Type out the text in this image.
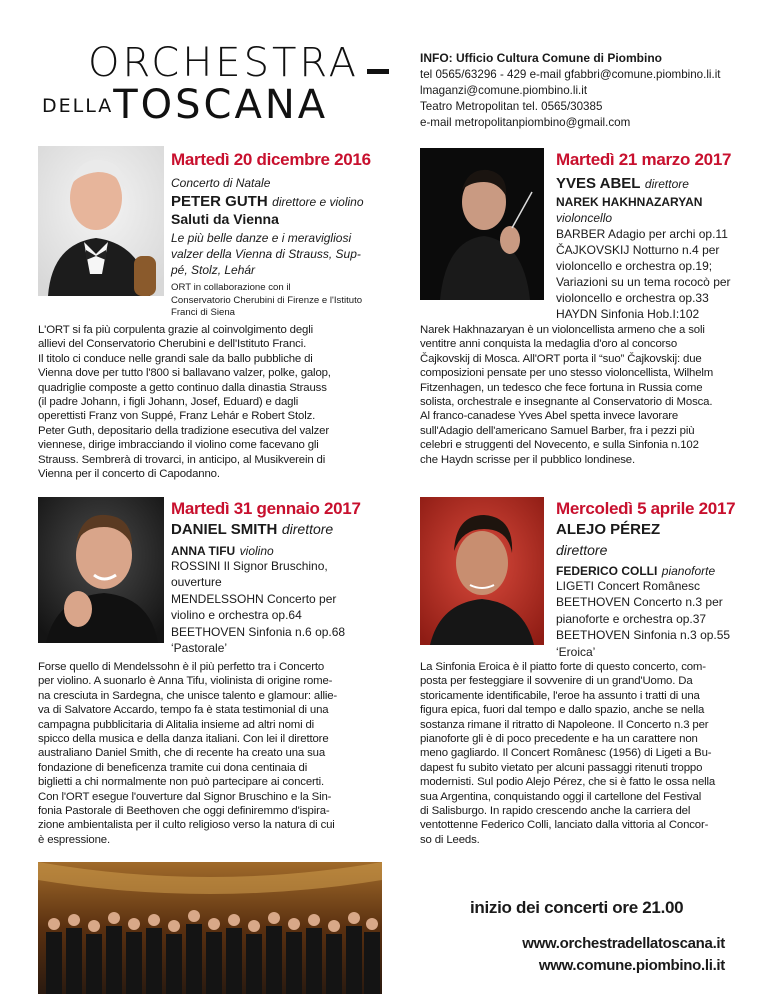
ORCHESTRA
DELLATOSCANA
INFO: Ufficio Cultura Comune di Piombino
tel 0565/63296 - 429 e-mail gfabbri@comune.piombino.li.it
lmaganzi@comune.piombino.li.it
Teatro Metropolitan tel. 0565/30385
e-mail metropolitanpiombino@gmail.com
Martedì 20 dicembre 2016
Concerto di Natale
PETER GUTH direttore e violino
Saluti da Vienna
Le più belle danze e i meravigliosi
valzer della Vienna di Strauss, Sup-
pé, Stolz, Lehár
ORT in collaborazione con il
Conservatorio Cherubini di Firenze e l'Istituto
Franci di Siena
L'ORT si fa più corpulenta grazie al coinvolgimento degli
allievi del Conservatorio Cherubini e dell'Istituto Franci.
Il titolo ci conduce nelle grandi sale da ballo pubbliche di
Vienna dove per tutto l'800 si ballavano valzer, polke, galop,
quadriglie composte a getto continuo dalla dinastia Strauss
(il padre Johann, i figli Johann, Josef, Eduard) e dagli
operettisti Franz von Suppé, Franz Lehár e Robert Stolz.
Peter Guth, depositario della tradizione esecutiva del valzer
viennese, dirige imbracciando il violino come facevano gli
Strauss. Sembrerà di trovarci, in anticipo, al Musikverein di
Vienna per il concerto di Capodanno.
Martedì 21 marzo 2017
YVES ABEL direttore
NAREK HAKHNAZARYAN
violoncello
BARBER Adagio per archi op.11
ČAJKOVSKIJ Notturno n.4 per
violoncello e orchestra op.19;
Variazioni su un tema rococò per
violoncello e orchestra op.33
HAYDN Sinfonia Hob.I:102
Narek Hakhnazaryan è un violoncellista armeno che a soli
ventitre anni conquista la medaglia d'oro al concorso
Čajkovskij di Mosca. All'ORT porta il “suo” Čajkovskij: due
composizioni pensate per uno stesso violoncellista, Wilhelm
Fitzenhagen, un tedesco che fece fortuna in Russia come
solista, orchestrale e insegnante al Conservatorio di Mosca.
Al franco-canadese Yves Abel spetta invece lavorare
sull'Adagio dell'americano Samuel Barber, fra i pezzi più
celebri e struggenti del Novecento, e sulla Sinfonia n.102
che Haydn scrisse per il pubblico londinese.
Martedì 31 gennaio 2017
DANIEL SMITH direttore
ANNA TIFU violino
ROSSINI Il Signor Bruschino,
ouverture
MENDELSSOHN Concerto per
violino e orchestra op.64
BEETHOVEN Sinfonia n.6 op.68
‘Pastorale’
Forse quello di Mendelssohn è il più perfetto tra i Concerto
per violino. A suonarlo è Anna Tifu, violinista di origine rome-
na cresciuta in Sardegna, che unisce talento e glamour: allie-
va di Salvatore Accardo, tempo fa è stata testimonial di una
campagna pubblicitaria di Alitalia insieme ad altri nomi di
spicco della musica e della danza italiani. Con lei il direttore
australiano Daniel Smith, che di recente ha creato una sua
fondazione di beneficenza tramite cui dona centinaia di
biglietti a chi normalmente non può partecipare ai concerti.
Con l'ORT esegue l'ouverture dal Signor Bruschino e la Sin-
fonia Pastorale di Beethoven che oggi definiremmo d'ispira-
zione ambientalista per il culto religioso verso la natura di cui
è espressione.
Mercoledì 5 aprile 2017
ALEJO PÉREZ
direttore
FEDERICO COLLI pianoforte
LIGETI Concert Românesc
BEETHOVEN Concerto n.3 per
pianoforte e orchestra op.37
BEETHOVEN Sinfonia n.3 op.55
‘Eroica’
La Sinfonia Eroica è il piatto forte di questo concerto, com-
posta per festeggiare il sovvenire di un grand'Uomo. Da
storicamente identificabile, l'eroe ha assunto i tratti di una
figura epica, fuori dal tempo e dallo spazio, anche se nella
sostanza rimane il ritratto di Napoleone. Il Concerto n.3 per
pianoforte gli è di poco precedente e ha un carattere non
meno gagliardo. Il Concert Românesc (1956) di Ligeti a Bu-
dapest fu subito vietato per alcuni passaggi ritenuti troppo
modernisti. Sul podio Alejo Pérez, che si è fatto le ossa nella
sua Argentina, conquistando oggi il cartellone del Festival
di Salisburgo. In rapido crescendo anche la carriera del
ventottenne Federico Colli, lanciato dalla vittoria al Concor-
so di Leeds.
inizio dei concerti ore 21.00
www.orchestradellatoscana.it
www.comune.piombino.li.it
